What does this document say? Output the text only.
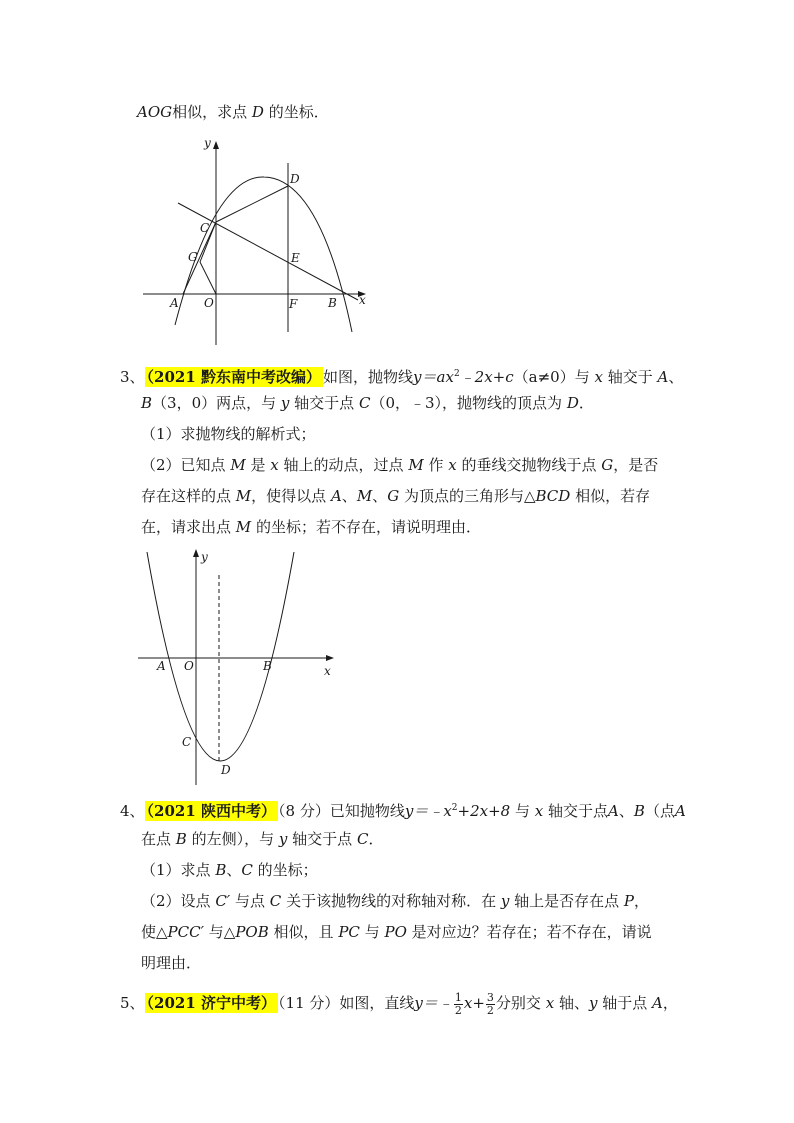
AOG相似，求点 D 的坐标．
y
D
C
G	E
A O	F	B x
3、 （2021 黔东南中考改编） 如图，抛物线$y=ax^2﹣2x+c(a\ne 0)$与 x 轴交于 A、
B（3，0）两点，与 y 轴交于点 C（0，﹣3），抛物线的顶点为 D．
（1）求抛物线的解析式；
（2）已知点 M 是 x 轴上的动点，过点 M 作 x 的垂线交抛物线于点 G，是否
存在这样的点 M，使得以点 A、M、G 为顶点的三角形与△BCD 相似，若存
在，请求出点 M 的坐标；若不存在，请说明理由．
y
A O	B	x
C
D
4、 （2021 陕西中考） （8 分）已知抛物线$y=﹣x^2+2x+8$ 与 x 轴交于点A、B（点A
在点 B 的左侧），与 y 轴交于点 C．
（1）求点 B、C 的坐标；
（2）设点 C′ 与点 C 关于该抛物线的对称轴对称．在 y 轴上是否存在点 P，
使△PCC′ 与△POB 相似，且 PC 与 PO 是对应边？若存在；若不存在，请说
明理由．
5、 （2021 济宁中考） （11 分）如图，直线y＝﹣ $\frac{1}{2} x+ \frac{3}{2}$ 分别交 x 轴、y 轴于点 A，
